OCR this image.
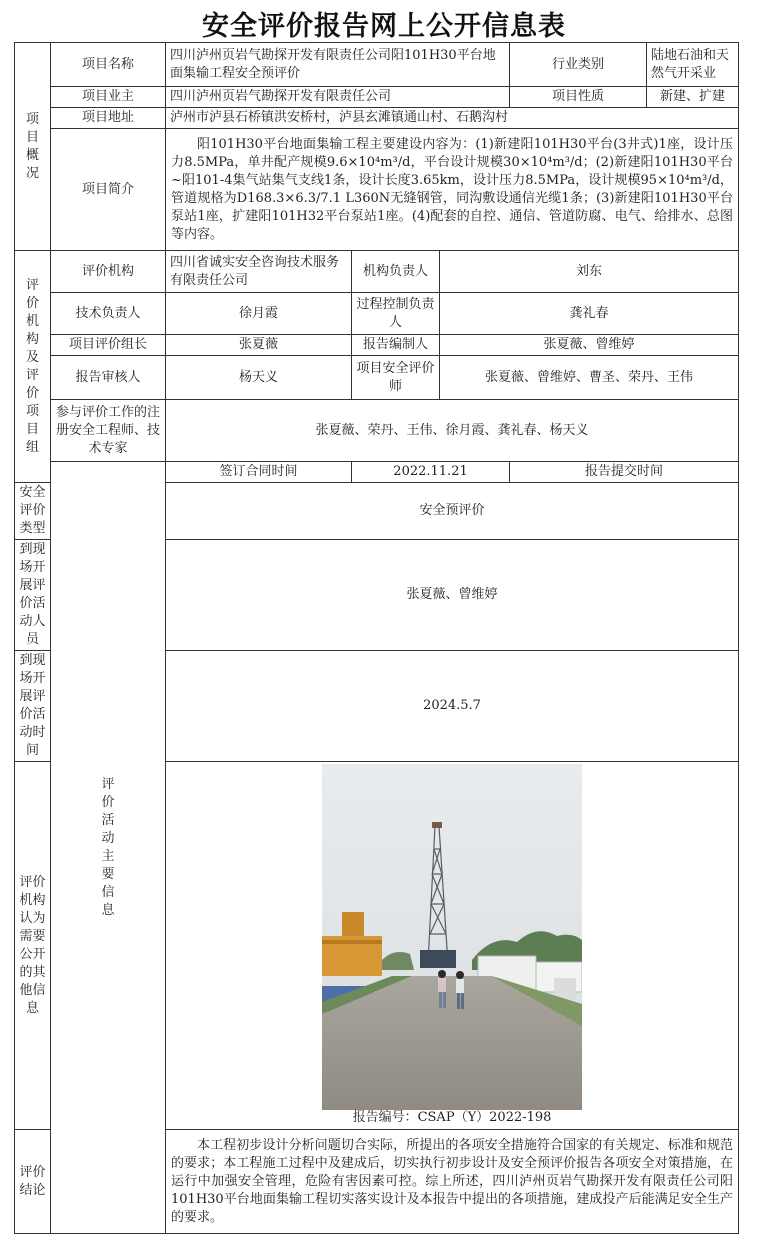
安全评价报告网上公开信息表
项目概况	项目名称	四川泸州页岩气勘探开发有限责任公司阳101H30平台地面集输工程安全预评价			行业类别	陆地石油和天然气开采业	
	项目业主	四川泸州页岩气勘探开发有限责任公司			项目性质	新建、扩建	
	项目地址	泸州市泸县石桥镇洪安桥村，泸县玄滩镇通山村、石鹅沟村					
	项目简介	阳101H30平台地面集输工程主要建设内容为：(1)新建阳101H30平台(3井式)1座，设计压力8.5MPa，单井配产规模9.6×10⁴m³/d，平台设计规模30×10⁴m³/d；(2)新建阳101H30平台~阳101-4集气站集气支线1条，设计长度3.65km，设计压力8.5MPa，设计规模95×10⁴m³/d，管道规格为D168.3×6.3/7.1 L360N无缝钢管，同沟敷设通信光缆1条；(3)新建阳101H30平台泵站1座，扩建阳101H32平台泵站1座。(4)配套的自控、通信、管道防腐、电气、给排水、总图等内容。					
评价机构及评价项目组	评价机构	四川省诚实安全咨询技术服务有限责任公司	机构负责人	刘东			
	技术负责人	徐月霞	过程控制负责人	龚礼春			
	项目评价组长	张夏薇	报告编制人	张夏薇、曾维婷			
	报告审核人	杨天义	项目安全评价师	张夏薇、曾维婷、曹圣、荣丹、王伟			
	参与评价工作的注册安全工程师、技术专家	张夏薇、荣丹、王伟、徐月霞、龚礼春、杨天义					
	评价活动主要信息	签订合同时间	2022.11.21		报告提交时间	
安全评价类型		安全预评价					
到现场开展评价活动人员		张夏薇、曾维婷					
到现场开展评价活动时间		2024.5.7					
评价机构认为需要公开的其他信息		报告编号：CSAP（Y）2022-198					

评价结论		本工程初步设计分析问题切合实际，所提出的各项安全措施符合国家的有关规定、标准和规范的要求；本工程施工过程中及建成后，切实执行初步设计及安全预评价报告各项安全对策措施，在运行中加强安全管理，危险有害因素可控。综上所述，四川泸州页岩气勘探开发有限责任公司阳101H30平台地面集输工程切实落实设计及本报告中提出的各项措施，建成投产后能满足安全生产的要求。					
